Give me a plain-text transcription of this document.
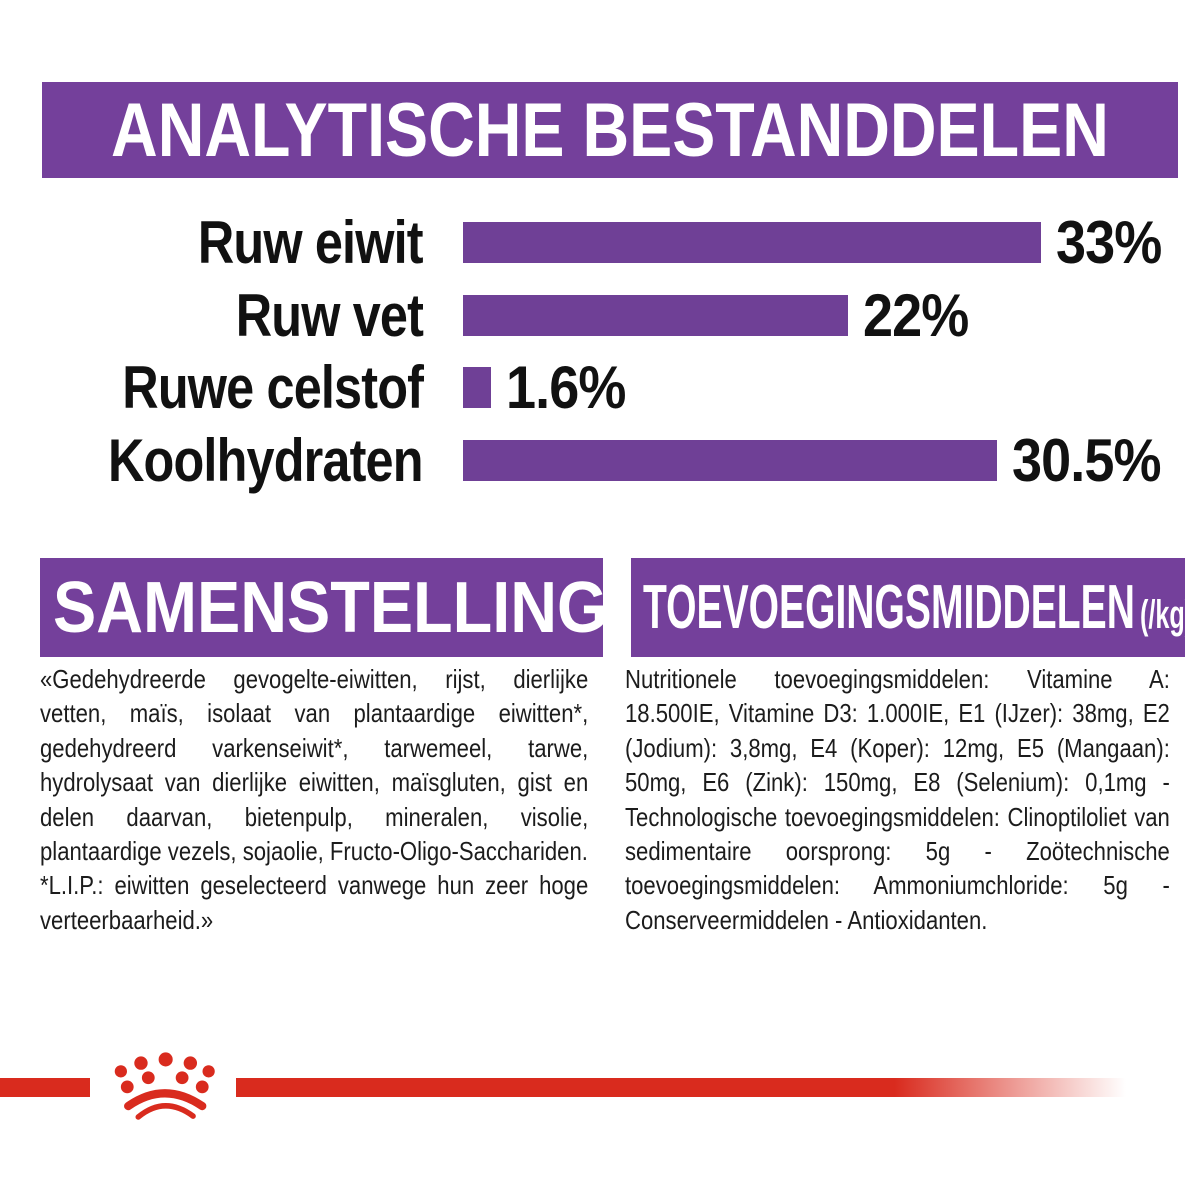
ANALYTISCHE BESTANDDELEN
Ruw eiwit	33%
Ruw vet	22%
Ruwe celstof 1.6%
Koolhydraten	30.5%
SAMENSTELLING TOEVOEGINGSMIDDELEN (/kg)

«Gedehydreerde gevogelte-eiwitten, rijst, dierlijke vetten, maïs, isolaat van plantaardige eiwitten*, gedehydreerd varkenseiwit*, tarwemeel, tarwe, hydrolysaat van dierlijke eiwitten, maïsgluten, gist en delen daarvan, bietenpulp, mineralen, visolie, plantaardige vezels, sojaolie, Fructo-Oligo-Sacchariden.

*L.I.P.: eiwitten geselecteerd vanwege hun zeer hoge verteerbaarheid.»

Nutritionele toevoegingsmiddelen: Vitamine A: 18.500IE, Vitamine D3: 1.000IE, E1 (IJzer): 38mg, E2 (Jodium): 3,8mg, E4 (Koper): 12mg, E5 (Mangaan): 50mg, E6 (Zink): 150mg, E8 (Selenium): 0,1mg - Technologische toevoegingsmiddelen: Clinoptiloliet van sedimentaire oorsprong: 5g - Zoötechnische toevoegingsmiddelen: Ammoniumchloride: 5g - Conserveermiddelen - Antioxidanten.
